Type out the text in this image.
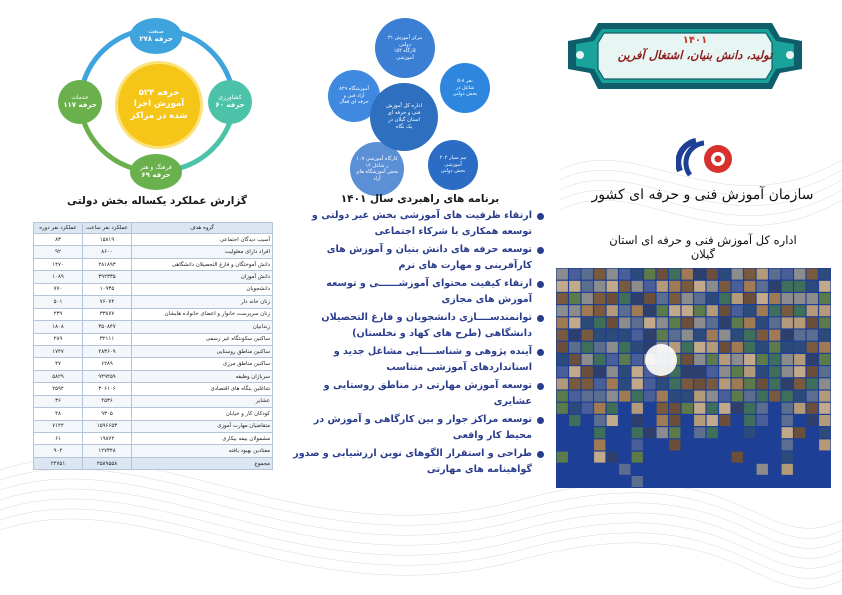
۵۲۴ حرفه
آموزش اجرا
شده در مراکز
صنعت
۲۷۸ حرفه
کشاورزی
۶۰ حرفه
فرهنگ و هنر
۶۹ حرفه
خدمات
۱۱۷ حرفه
گزارش عملکرد یکساله بخش دولتی
گروه هدف	عملکرد نفر ساعت	عملکرد نفر دوره
آسیب دیدگان اجتماعی	۱۵۸۱۹	۸۳
افراد دارای معلولیت	۸۶۰۰	۹۲
دانش آموختگان و فارغ التحصیلان دانشگاهی	۲۸۱۸۹۳	۱۴۷۰
دانش آموزان	۳۹۲۳۳۵	۱۰۸۹
دانشجویان	۱۰۹۳۵	۷۷۰
زنان خانه دار	۷۶۰۷۴	۵۰۱
زنان سرپرست خانوار و اعضای خانواده هایشان	۳۳۸۷۷	۲۳۹
زندانیان	۳۵۰۸۴۷	۱۸۰۸
ساکنین سکونتگاه غیر رسمی	۳۲۱۱۱	۲۸۹
ساکنین مناطق روستایی	۲۸۳۶۰۹	۱۷۴۷
ساکنین مناطق مرزی	۶۲۸۹	۴۷
سربازان وظیفه	۹۴۹۴۵۹	۵۸۲۹
شاغلین بنگاه های اقتصادی	۳۰۶۱۰۶	۲۵۹۴
عشایر	۴۵۳۶	۳۶
کودکان کار و خیابان	۹۳۰۵	۴۸
متقاضیان مهارت آموزی	۱۵۹۶۶۵۳	۷۱۴۴
مشمولان بیمه بیکاری	۱۹۸۷۲	۶۱
معتادین بهبود یافته	۱۲۷۳۴۸	۹۰۴
مجموع	۴۵۸۹۵۵۸	۲۴۷۵۱
۳۱ مرکز آموزش
دولتی
۱۵۴ کارگاه
آموزشی
۵-۸ نفر
شاغل در
بخش دولتی
۲۰۲ تیم سیار
آموزشی
بخش دولتی
۱۰۷ کارگاه آموزشی
۱۲ ر شاغل
بخش آموزشگاه های
آزاد
۸۲۹ آموزشگاه
آزاد فنی و
حرفه ای فعال
اداره کل آموزش
فنی و حرفه ای
استان گیلان در
یک نگاه
برنامه های راهبردی سال ۱۴۰۱
ارتقاء ظرفیت های آموزشی بخش غیر دولتی و توسعه همکاری با شرکاء اجتماعی
توسعه حرفه های دانش بنیان و آموزش های کارآفرینی و مهارت های نرم
ارتقاء کیفیت محتوای آموزشــــــی و توسعه آموزش های مجازی
توانمندســــازی دانشجویان و فارغ التحصیلان دانشگاهی (طرح های کهاد و نخلستان)
آینده پژوهی و شناســــایی مشاغل جدید و استانداردهای آموزشی متناسب
توسعه آموزش مهارتی در مناطق روستایی و عشایری
توسعه مراکز جوار و بین کارگاهی و آموزش در محیط کار واقعی
طراحی و استقرار الگوهای نوین ارزشیابی و صدور گواهینامه های مهارتی
۱۴۰۱
تولید، دانش بنیان، اشتغال آفرین
سازمان آموزش فنی و حرفه ای کشور
اداره کل آموزش فنی و حرفه ای استان گیلان
